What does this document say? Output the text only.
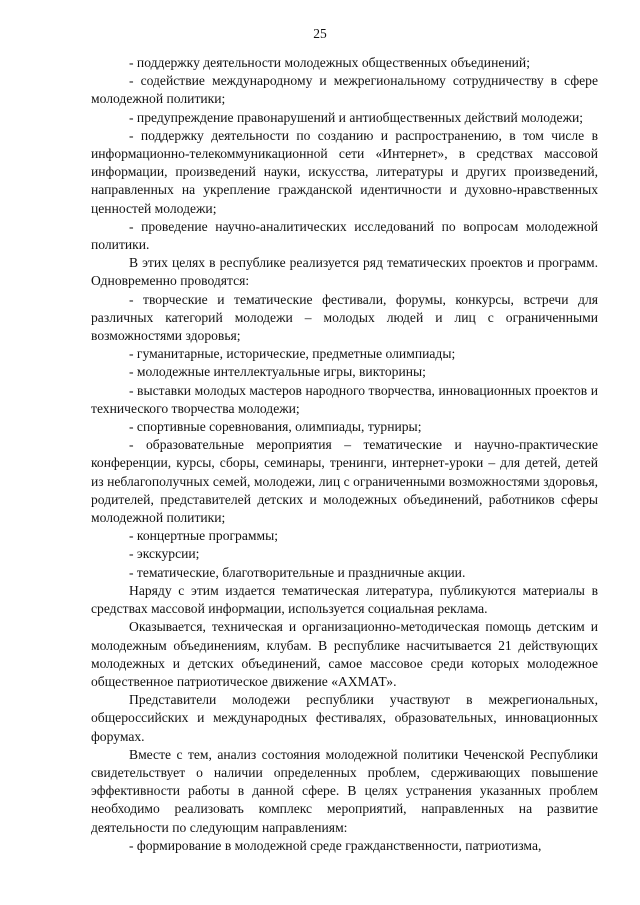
25

- поддержку деятельности молодежных общественных объединений;

- содействие международному и межрегиональному сотрудничеству в сфере молодежной политики;

- предупреждение правонарушений и антиобщественных действий молодежи;

- поддержку деятельности по созданию и распространению, в том числе в информационно-телекоммуникационной сети «Интернет», в средствах массовой информации, произведений науки, искусства, литературы и других произведений, направленных на укрепление гражданской идентичности и духовно-нравственных ценностей молодежи;

- проведение научно-аналитических исследований по вопросам молодежной политики.

В этих целях в республике реализуется ряд тематических проектов и программ. Одновременно проводятся:

- творческие и тематические фестивали, форумы, конкурсы, встречи для различных категорий молодежи – молодых людей и лиц с ограниченными возможностями здоровья;

- гуманитарные, исторические, предметные олимпиады;

- молодежные интеллектуальные игры, викторины;

- выставки молодых мастеров народного творчества, инновационных проектов и технического творчества молодежи;

- спортивные соревнования, олимпиады, турниры;

- образовательные мероприятия – тематические и научно-практические конференции, курсы, сборы, семинары, тренинги, интернет-уроки – для детей, детей из неблагополучных семей, молодежи, лиц с ограниченными возможностями здоровья, родителей, представителей детских и молодежных объединений, работников сферы молодежной политики;

- концертные программы;

- экскурсии;

- тематические, благотворительные и праздничные акции.

Наряду с этим издается тематическая литература, публикуются материалы в средствах массовой информации, используется социальная реклама.

Оказывается, техническая и организационно-методическая помощь детским и молодежным объединениям, клубам. В республике насчитывается 21 действующих молодежных и детских объединений, самое массовое среди которых молодежное общественное патриотическое движение «АХМАТ».

Представители молодежи республики участвуют в межрегиональных, общероссийских и международных фестивалях, образовательных, инновационных форумах.

Вместе с тем, анализ состояния молодежной политики Чеченской Республики свидетельствует о наличии определенных проблем, сдерживающих повышение эффективности работы в данной сфере. В целях устранения указанных проблем необходимо реализовать комплекс мероприятий, направленных на развитие деятельности по следующим направлениям:

- формирование в молодежной среде гражданственности, патриотизма,
